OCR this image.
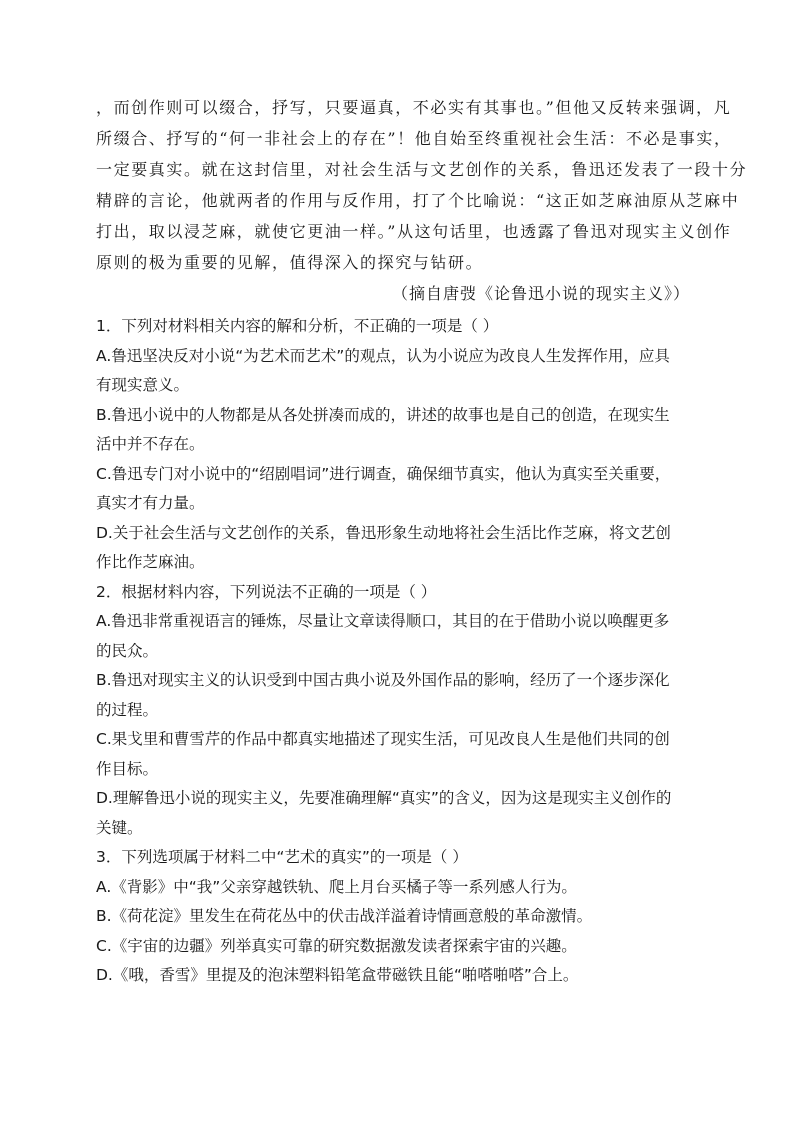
，而创作则可以缀合，抒写，只要逼真，不必实有其事也。”但他又反转来强调，凡
所缀合、抒写的“何一非社会上的存在”！他自始至终重视社会生活：不必是事实，
一定要真实。就在这封信里，对社会生活与文艺创作的关系，鲁迅还发表了一段十分
精辟的言论，他就两者的作用与反作用，打了个比喻说：“这正如芝麻油原从芝麻中
打出，取以浸芝麻，就使它更油一样。”从这句话里，也透露了鲁迅对现实主义创作
原则的极为重要的见解，值得深入的探究与钻研。
（摘自唐弢《论鲁迅小说的现实主义》）
1．下列对材料相关内容的解和分析，不正确的一项是（ ）
A.鲁迅坚决反对小说“为艺术而艺术”的观点，认为小说应为改良人生发挥作用，应具
有现实意义。
B.鲁迅小说中的人物都是从各处拼凑而成的，讲述的故事也是自己的创造，在现实生
活中并不存在。
C.鲁迅专门对小说中的“绍剧唱词”进行调查，确保细节真实，他认为真实至关重要，
真实才有力量。
D.关于社会生活与文艺创作的关系，鲁迅形象生动地将社会生活比作芝麻，将文艺创
作比作芝麻油。
2．根据材料内容，下列说法不正确的一项是（ ）
A.鲁迅非常重视语言的锤炼，尽量让文章读得顺口，其目的在于借助小说以唤醒更多
的民众。
B.鲁迅对现实主义的认识受到中国古典小说及外国作品的影响，经历了一个逐步深化
的过程。
C.果戈里和曹雪芹的作品中都真实地描述了现实生活，可见改良人生是他们共同的创
作目标。
D.理解鲁迅小说的现实主义，先要准确理解“真实”的含义，因为这是现实主义创作的
关键。
3．下列选项属于材料二中“艺术的真实”的一项是（ ）
A.《背影》中“我”父亲穿越铁轨、爬上月台买橘子等一系列感人行为。
B.《荷花淀》里发生在荷花丛中的伏击战洋溢着诗情画意般的革命激情。
C.《宇宙的边疆》列举真实可靠的研究数据激发读者探索宇宙的兴趣。
D.《哦，香雪》里提及的泡沫塑料铅笔盒带磁铁且能“啪嗒啪嗒”合上。
